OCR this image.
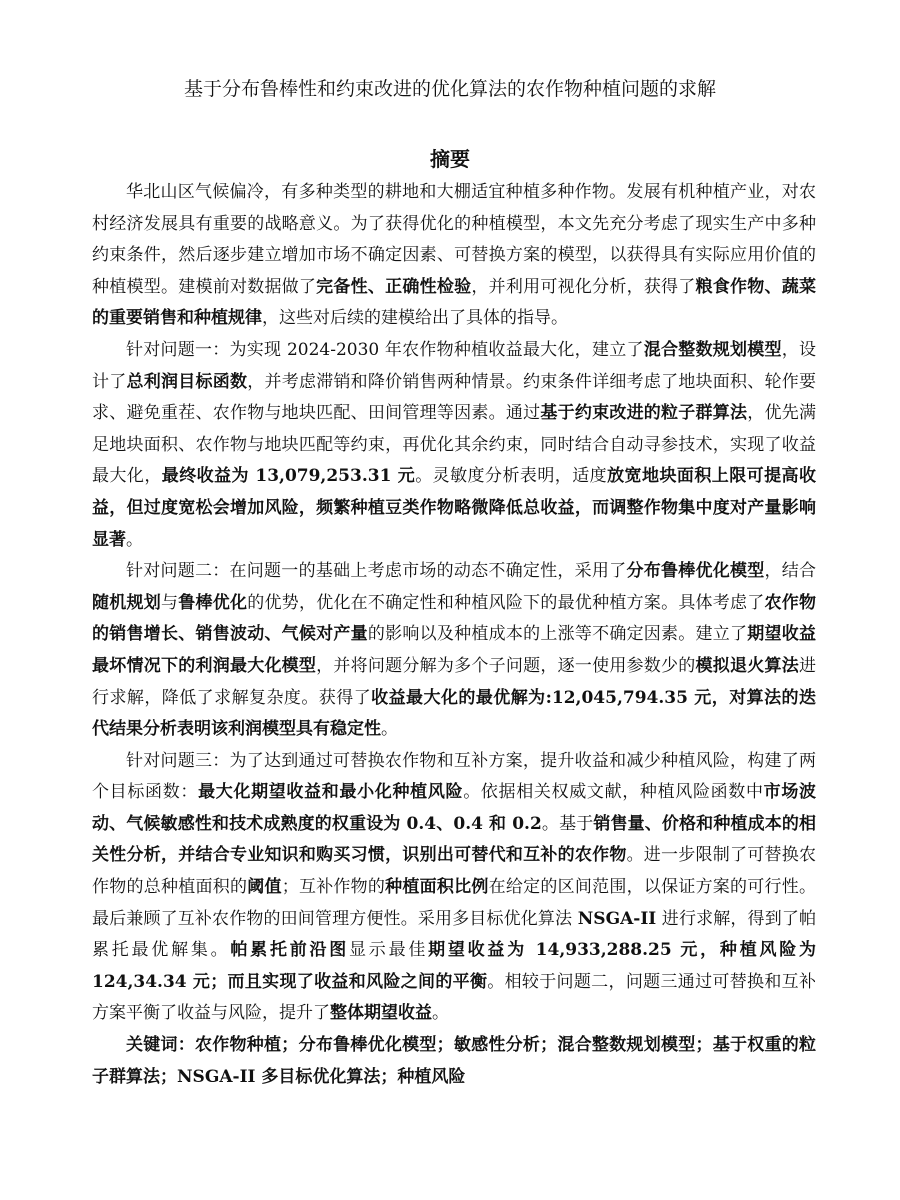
基于分布鲁棒性和约束改进的优化算法的农作物种植问题的求解
摘要

华北山区气候偏冷，有多种类型的耕地和大棚适宜种植多种作物。发展有机种植产业，对农村经济发展具有重要的战略意义。为了获得优化的种植模型，本文先充分考虑了现实生产中多种约束条件，然后逐步建立增加市场不确定因素、可替换方案的模型，以获得具有实际应用价值的种植模型。建模前对数据做了完备性、正确性检验，并利用可视化分析，获得了粮食作物、蔬菜的重要销售和种植规律，这些对后续的建模给出了具体的指导。

针对问题一：为实现 2024-2030 年农作物种植收益最大化，建立了混合整数规划模型，设计了总利润目标函数，并考虑滞销和降价销售两种情景。约束条件详细考虑了地块面积、轮作要求、避免重茬、农作物与地块匹配、田间管理等因素。通过基于约束改进的粒子群算法，优先满足地块面积、农作物与地块匹配等约束，再优化其余约束，同时结合自动寻参技术，实现了收益最大化，最终收益为 13,079,253.31 元。灵敏度分析表明，适度放宽地块面积上限可提高收益，但过度宽松会增加风险，频繁种植豆类作物略微降低总收益，而调整作物集中度对产量影响显著。

针对问题二：在问题一的基础上考虑市场的动态不确定性，采用了分布鲁棒优化模型，结合随机规划与鲁棒优化的优势，优化在不确定性和种植风险下的最优种植方案。具体考虑了农作物的销售增长、销售波动、气候对产量的影响以及种植成本的上涨等不确定因素。建立了期望收益最坏情况下的利润最大化模型，并将问题分解为多个子问题，逐一使用参数少的模拟退火算法进行求解，降低了求解复杂度。获得了收益最大化的最优解为:12,045,794.35 元，对算法的迭代结果分析表明该利润模型具有稳定性。

针对问题三：为了达到通过可替换农作物和互补方案，提升收益和减少种植风险，构建了两个目标函数：最大化期望收益和最小化种植风险。依据相关权威文献，种植风险函数中市场波动、气候敏感性和技术成熟度的权重设为 0.4、0.4 和 0.2。基于销售量、价格和种植成本的相关性分析，并结合专业知识和购买习惯，识别出可替代和互补的农作物。进一步限制了可替换农作物的总种植面积的阈值；互补作物的种植面积比例在给定的区间范围，以保证方案的可行性。最后兼顾了互补农作物的田间管理方便性。采用多目标优化算法 NSGA-II 进行求解，得到了帕累托最优解集。帕累托前沿图显示最佳期望收益为 14,933,288.25 元，种植风险为 124,34.34 元；而且实现了收益和风险之间的平衡。相较于问题二，问题三通过可替换和互补方案平衡了收益与风险，提升了整体期望收益。

关键词：农作物种植；分布鲁棒优化模型；敏感性分析；混合整数规划模型；基于权重的粒子群算法；NSGA-II 多目标优化算法；种植风险
